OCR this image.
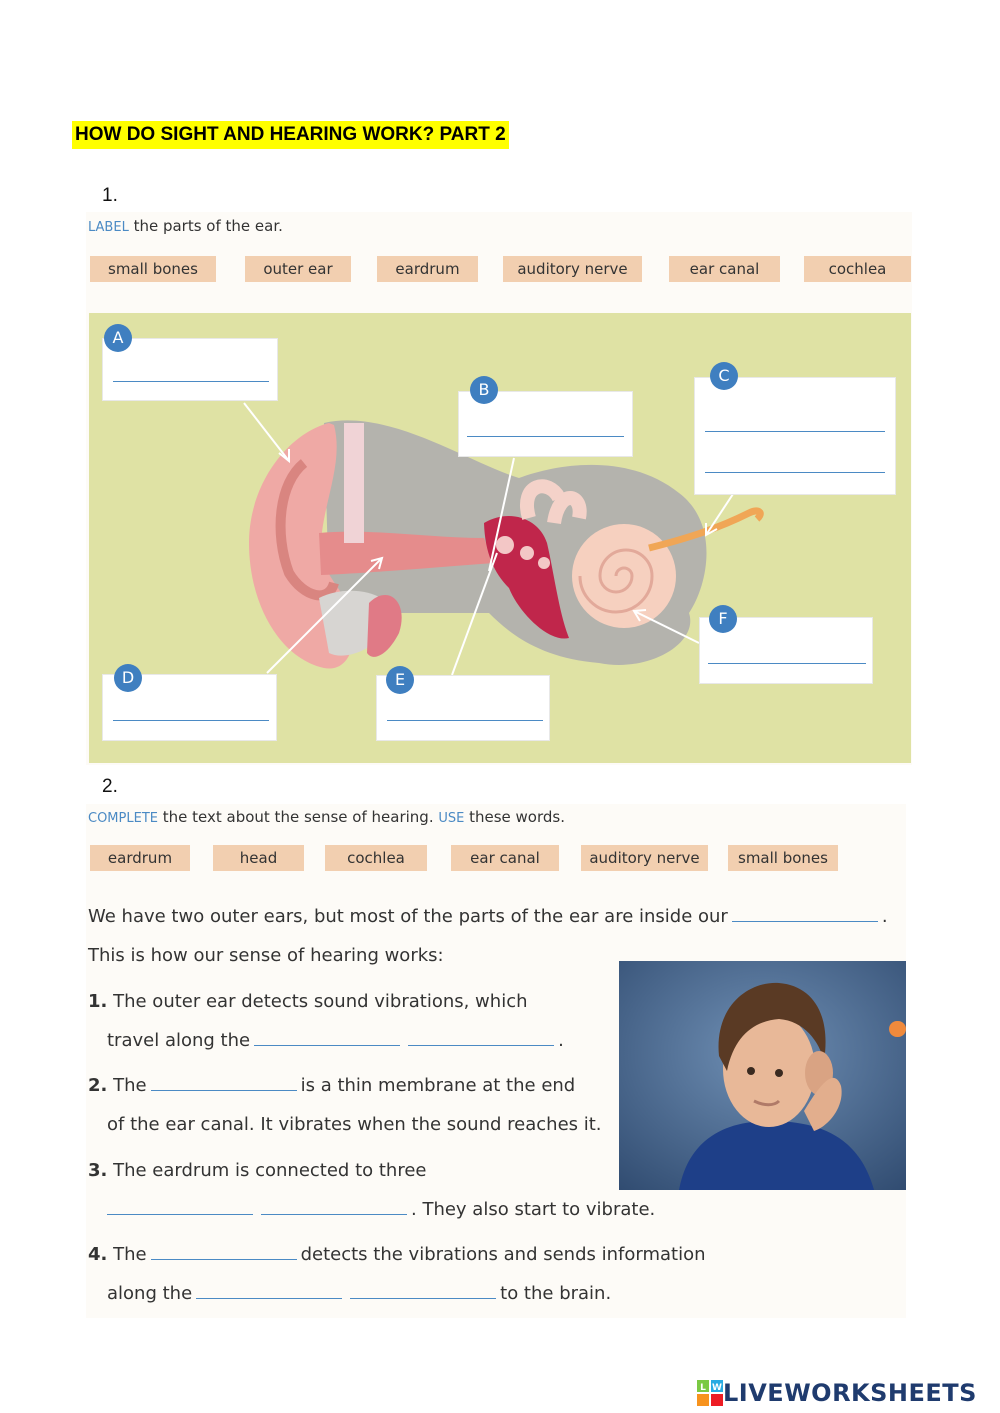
HOW DO SIGHT AND HEARING WORK? PART 2
1.
LABEL the parts of the ear.
small bones	outer ear	eardrum	auditory nerve	ear canal	cochlea
A
B
C
D	E
F
2.
COMPLETE the text about the sense of hearing. USE these words.
eardrum	head	cochlea	ear canal	auditory nerve	small bones
We have two outer ears, but most of the parts of the ear are inside our	.
This is how our sense of hearing works:
1. The outer ear detects sound vibrations, which
travel along the	.
2. The	is a thin membrane at the end
of the ear canal. It vibrates when the sound reaches it.
3. The eardrum is connected to three
. They also start to vibrate.
4. The	detects the vibrations and sends information
along the	to the brain.
L W LIVEWORKSHEETS
